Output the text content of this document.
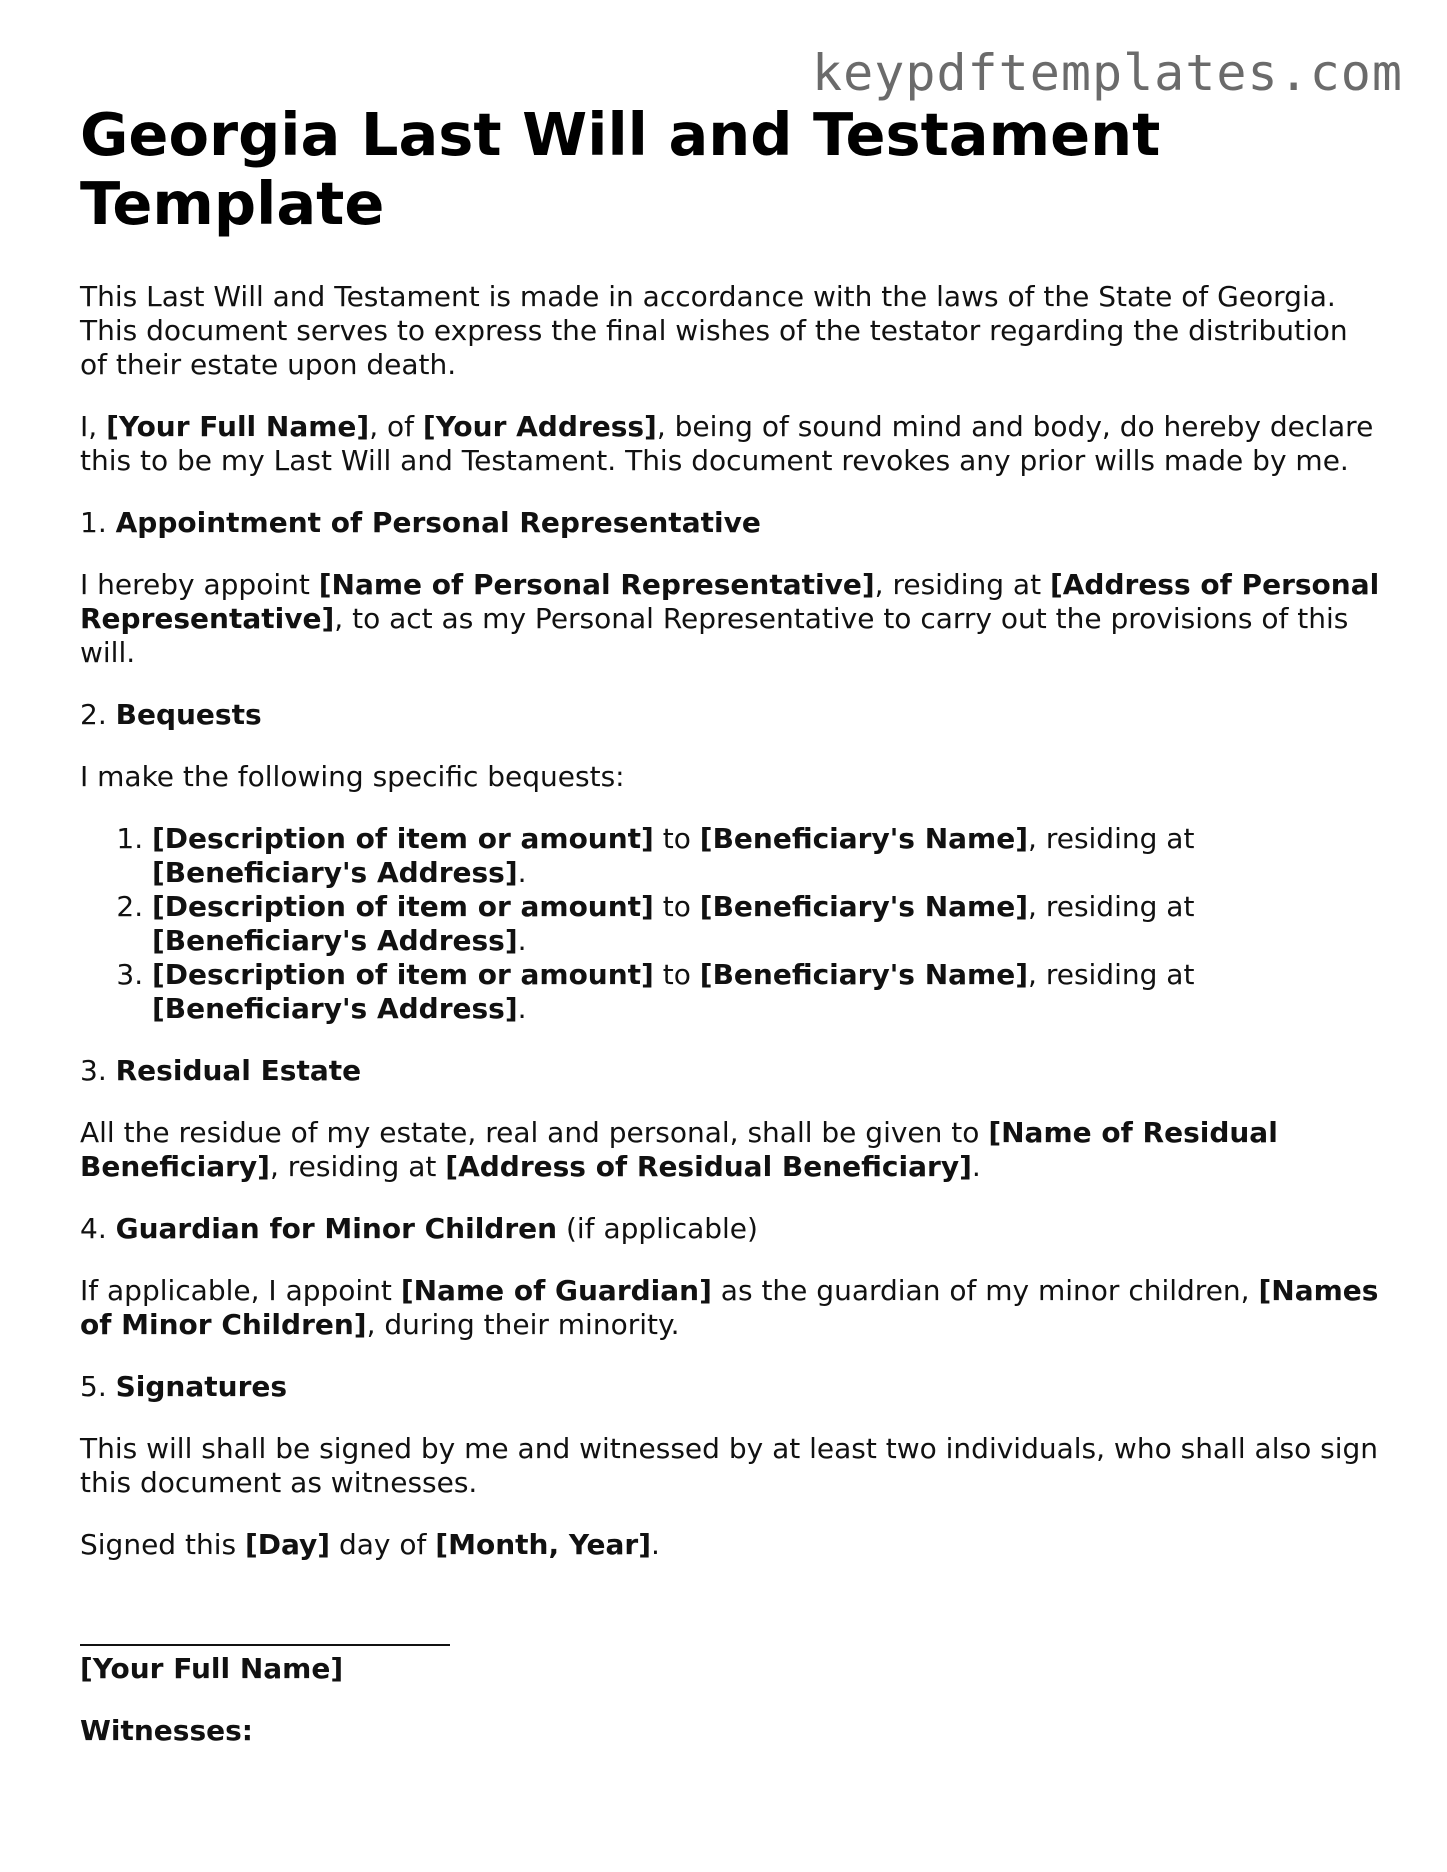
keypdftemplates.com
Georgia Last Will and Testament Template

This Last Will and Testament is made in accordance with the laws of the State of Georgia. This document serves to express the final wishes of the testator regarding the distribution of their estate upon death.

I, [Your Full Name], of [Your Address], being of sound mind and body, do hereby declare this to be my Last Will and Testament. This document revokes any prior wills made by me.

1. Appointment of Personal Representative

I hereby appoint [Name of Personal Representative], residing at [Address of Personal Representative], to act as my Personal Representative to carry out the provisions of this will.

2. Bequests

I make the following specific bequests:

1. [Description of item or amount] to [Beneficiary's Name], residing at [Beneficiary's Address].
2. [Description of item or amount] to [Beneficiary's Name], residing at [Beneficiary's Address].
3. [Description of item or amount] to [Beneficiary's Name], residing at [Beneficiary's Address].

3. Residual Estate

All the residue of my estate, real and personal, shall be given to [Name of Residual Beneficiary], residing at [Address of Residual Beneficiary].

4. Guardian for Minor Children (if applicable)

If applicable, I appoint [Name of Guardian] as the guardian of my minor children, [Names of Minor Children], during their minority.

5. Signatures

This will shall be signed by me and witnessed by at least two individuals, who shall also sign this document as witnesses.

Signed this [Day] day of [Month, Year].

[Your Full Name]

Witnesses:
